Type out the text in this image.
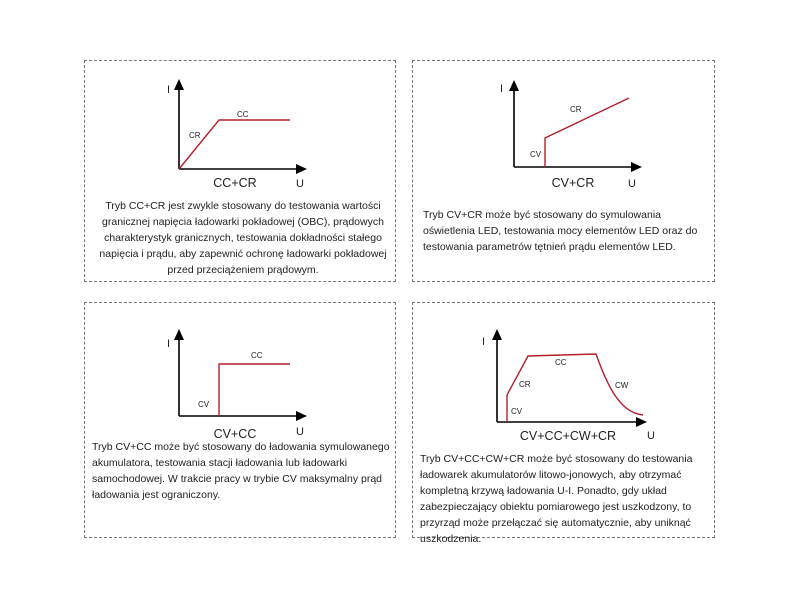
I
U
CC+CR
CR
CC

Tryb CC+CR jest zwykle stosowany do testowania wartości granicznej napięcia ładowarki pokładowej (OBC), prądowych charakterystyk granicznych, testowania dokładności stałego napięcia i prądu, aby zapewnić ochronę ładowarki pokładowej przed przeciążeniem prądowym.

I
U
CV+CR
CV
CR

Tryb CV+CR może być stosowany do symulowania oświetlenia LED, testowania mocy elementów LED oraz do testowania parametrów tętnień prądu elementów LED.

I
U
CV+CC
CV
CC

Tryb CV+CC może być stosowany do ładowania symulowanego akumulatora, testowania stacji ładowania lub ładowarki samochodowej. W trakcie pracy w trybie CV maksymalny prąd ładowania jest ograniczony.

I
U
CV+CC+CW+CR
CV
CR
CC
CW

Tryb CV+CC+CW+CR może być stosowany do testowania ładowarek akumulatorów litowo-jonowych, aby otrzymać kompletną krzywą ładowania U-I. Ponadto, gdy układ zabezpieczający obiektu pomiarowego jest uszkodzony, to przyrząd może przełączać się automatycznie, aby uniknąć uszkodzenia.
